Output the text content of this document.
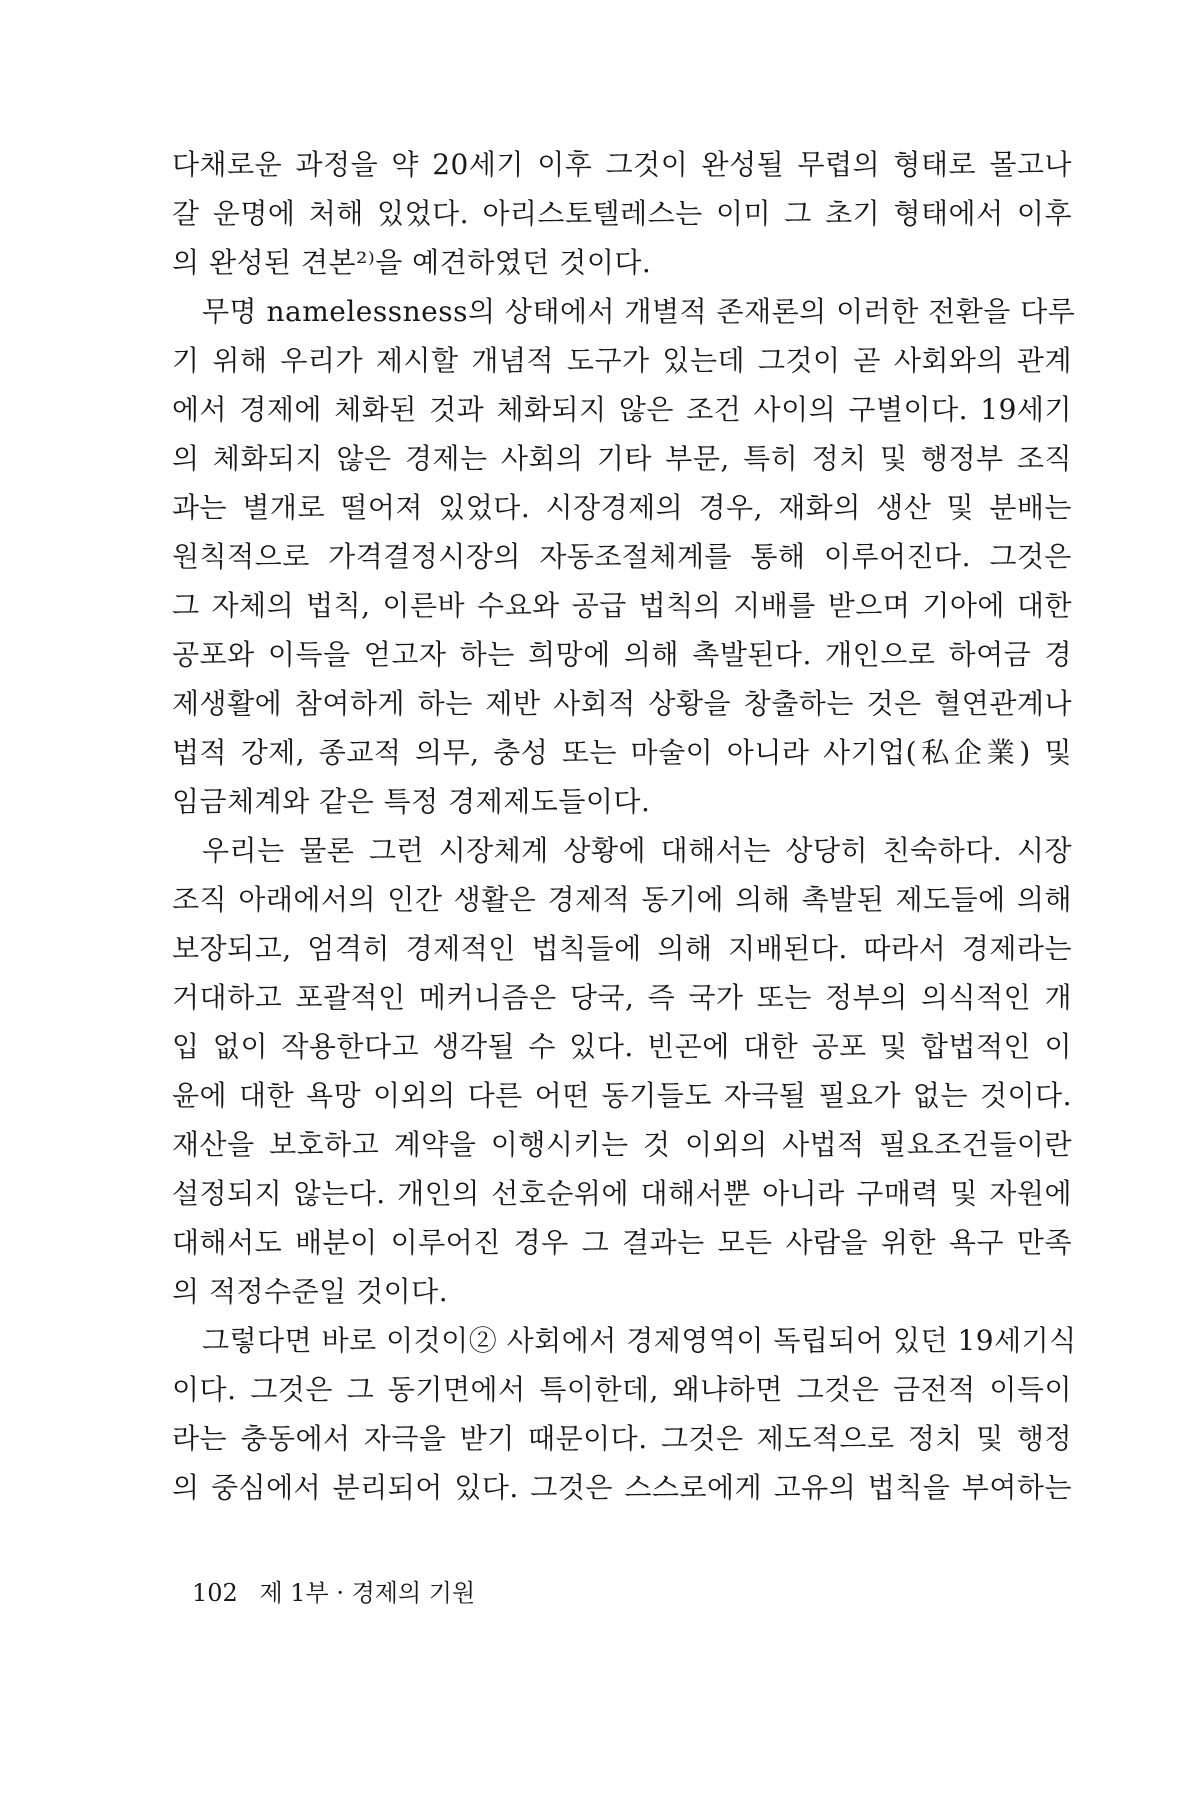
다채로운 과정을 약 20세기 이후 그것이 완성될 무렵의 형태로 몰고나
갈 운명에 처해 있었다. 아리스토텔레스는 이미 그 초기 형태에서 이후
의 완성된 견본²⁾을 예견하였던 것이다.
무명 namelessness의 상태에서 개별적 존재론의 이러한 전환을 다루
기 위해 우리가 제시할 개념적 도구가 있는데 그것이 곧 사회와의 관계
에서 경제에 체화된 것과 체화되지 않은 조건 사이의 구별이다. 19세기
의 체화되지 않은 경제는 사회의 기타 부문, 특히 정치 및 행정부 조직
과는 별개로 떨어져 있었다. 시장경제의 경우, 재화의 생산 및 분배는
원칙적으로 가격결정시장의 자동조절체계를 통해 이루어진다. 그것은
그 자체의 법칙, 이른바 수요와 공급 법칙의 지배를 받으며 기아에 대한
공포와 이득을 얻고자 하는 희망에 의해 촉발된다. 개인으로 하여금 경
제생활에 참여하게 하는 제반 사회적 상황을 창출하는 것은 혈연관계나
법적 강제, 종교적 의무, 충성 또는 마술이 아니라 사기업(私企業) 및
임금체계와 같은 특정 경제제도들이다.
우리는 물론 그런 시장체계 상황에 대해서는 상당히 친숙하다. 시장
조직 아래에서의 인간 생활은 경제적 동기에 의해 촉발된 제도들에 의해
보장되고, 엄격히 경제적인 법칙들에 의해 지배된다. 따라서 경제라는
거대하고 포괄적인 메커니즘은 당국, 즉 국가 또는 정부의 의식적인 개
입 없이 작용한다고 생각될 수 있다. 빈곤에 대한 공포 및 합법적인 이
윤에 대한 욕망 이외의 다른 어떤 동기들도 자극될 필요가 없는 것이다.
재산을 보호하고 계약을 이행시키는 것 이외의 사법적 필요조건들이란
설정되지 않는다. 개인의 선호순위에 대해서뿐 아니라 구매력 및 자원에
대해서도 배분이 이루어진 경우 그 결과는 모든 사람을 위한 욕구 만족
의 적정수준일 것이다.
그렇다면 바로 이것이② 사회에서 경제영역이 독립되어 있던 19세기식
이다. 그것은 그 동기면에서 특이한데, 왜냐하면 그것은 금전적 이득이
라는 충동에서 자극을 받기 때문이다. 그것은 제도적으로 정치 및 행정
의 중심에서 분리되어 있다. 그것은 스스로에게 고유의 법칙을 부여하는
102 제 1부 · 경제의 기원
